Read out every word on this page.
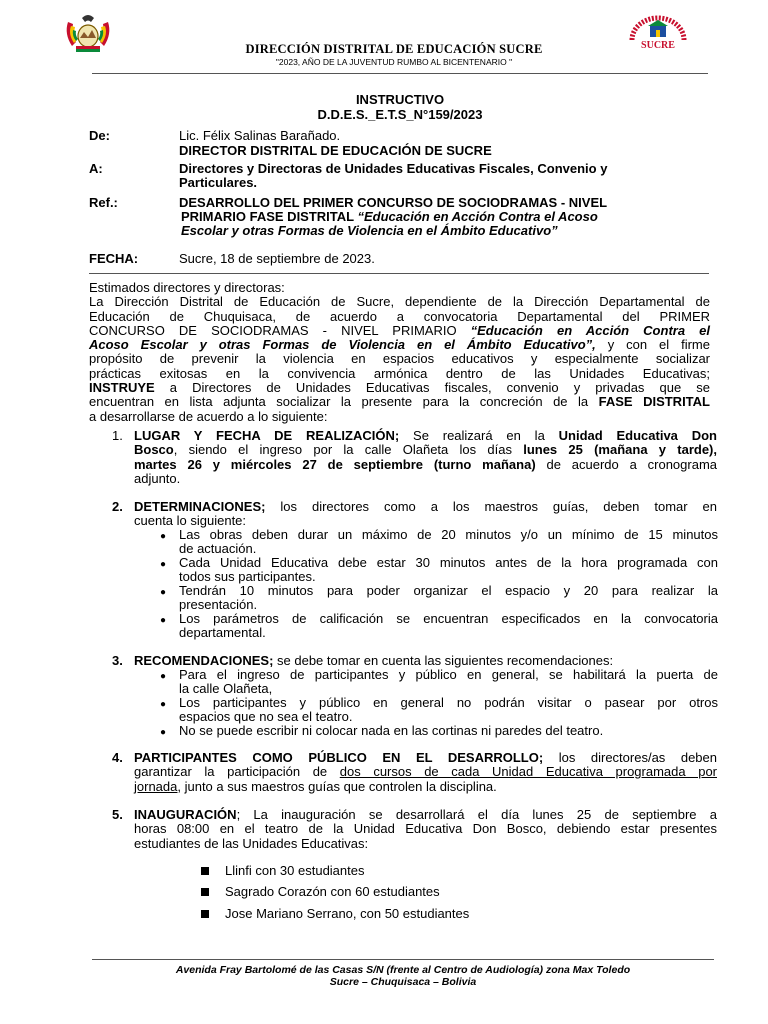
SUCRE
DIRECCIÓN DISTRITAL DE EDUCACIÓN SUCRE
"2023, AÑO DE LA JUVENTUD RUMBO AL BICENTENARIO "
INSTRUCTIVO
D.D.E.S._E.T.S_N°159/2023
De:	Lic. Félix Salinas Barañado.
DIRECTOR DISTRITAL DE EDUCACIÓN DE SUCRE
A:	Directores y Directoras de Unidades Educativas Fiscales, Convenio y
Particulares.
Ref.:	DESARROLLO DEL PRIMER CONCURSO DE SOCIODRAMAS - NIVEL
PRIMARIO FASE DISTRITAL “Educación en Acción Contra el Acoso
Escolar y otras Formas de Violencia en el Ámbito Educativo”
FECHA:	Sucre, 18 de septiembre de 2023.
Estimados directores y directoras:
La Dirección Distrital de Educación de Sucre, dependiente de la Dirección Departamental de
Educación de Chuquisaca, de acuerdo a convocatoria Departamental del PRIMER
CONCURSO DE SOCIODRAMAS - NIVEL PRIMARIO “Educación en Acción Contra el
Acoso Escolar y otras Formas de Violencia en el Ámbito Educativo”, y con el firme
propósito de prevenir la violencia en espacios educativos y especialmente socializar
prácticas exitosas en la convivencia armónica dentro de las Unidades Educativas;
INSTRUYE a Directores de Unidades Educativas fiscales, convenio y privadas que se
encuentran en lista adjunta socializar la presente para la concreción de la FASE DISTRITAL
a desarrollarse de acuerdo a lo siguiente:
1. LUGAR Y FECHA DE REALIZACIÓN; Se realizará en la Unidad Educativa Don
Bosco, siendo el ingreso por la calle Olañeta los días lunes 25 (mañana y tarde),
martes 26 y miércoles 27 de septiembre (turno mañana) de acuerdo a cronograma
adjunto.
2. DETERMINACIONES; los directores como a los maestros guías, deben tomar en
cuenta lo siguiente:
● Las obras deben durar un máximo de 20 minutos y/o un mínimo de 15 minutos
de actuación.
● Cada Unidad Educativa debe estar 30 minutos antes de la hora programada con
todos sus participantes.
● Tendrán 10 minutos para poder organizar el espacio y 20 para realizar la
presentación.
● Los parámetros de calificación se encuentran especificados en la convocatoria
departamental.
3. RECOMENDACIONES; se debe tomar en cuenta las siguientes recomendaciones:
● Para el ingreso de participantes y público en general, se habilitará la puerta de
la calle Olañeta,
● Los participantes y público en general no podrán visitar o pasear por otros
espacios que no sea el teatro.
● No se puede escribir ni colocar nada en las cortinas ni paredes del teatro.
4. PARTICIPANTES COMO PÚBLICO EN EL DESARROLLO; los directores/as deben
garantizar la participación de dos cursos de cada Unidad Educativa programada por
jornada, junto a sus maestros guías que controlen la disciplina.
5. INAUGURACIÓN; La inauguración se desarrollará el día lunes 25 de septiembre a
horas 08:00 en el teatro de la Unidad Educativa Don Bosco, debiendo estar presentes
estudiantes de las Unidades Educativas:
Llinfi con 30 estudiantes
Sagrado Corazón con 60 estudiantes
Jose Mariano Serrano, con 50 estudiantes
Avenida Fray Bartolomé de las Casas S/N (frente al Centro de Audiología) zona Max Toledo
Sucre – Chuquisaca – Bolivia
